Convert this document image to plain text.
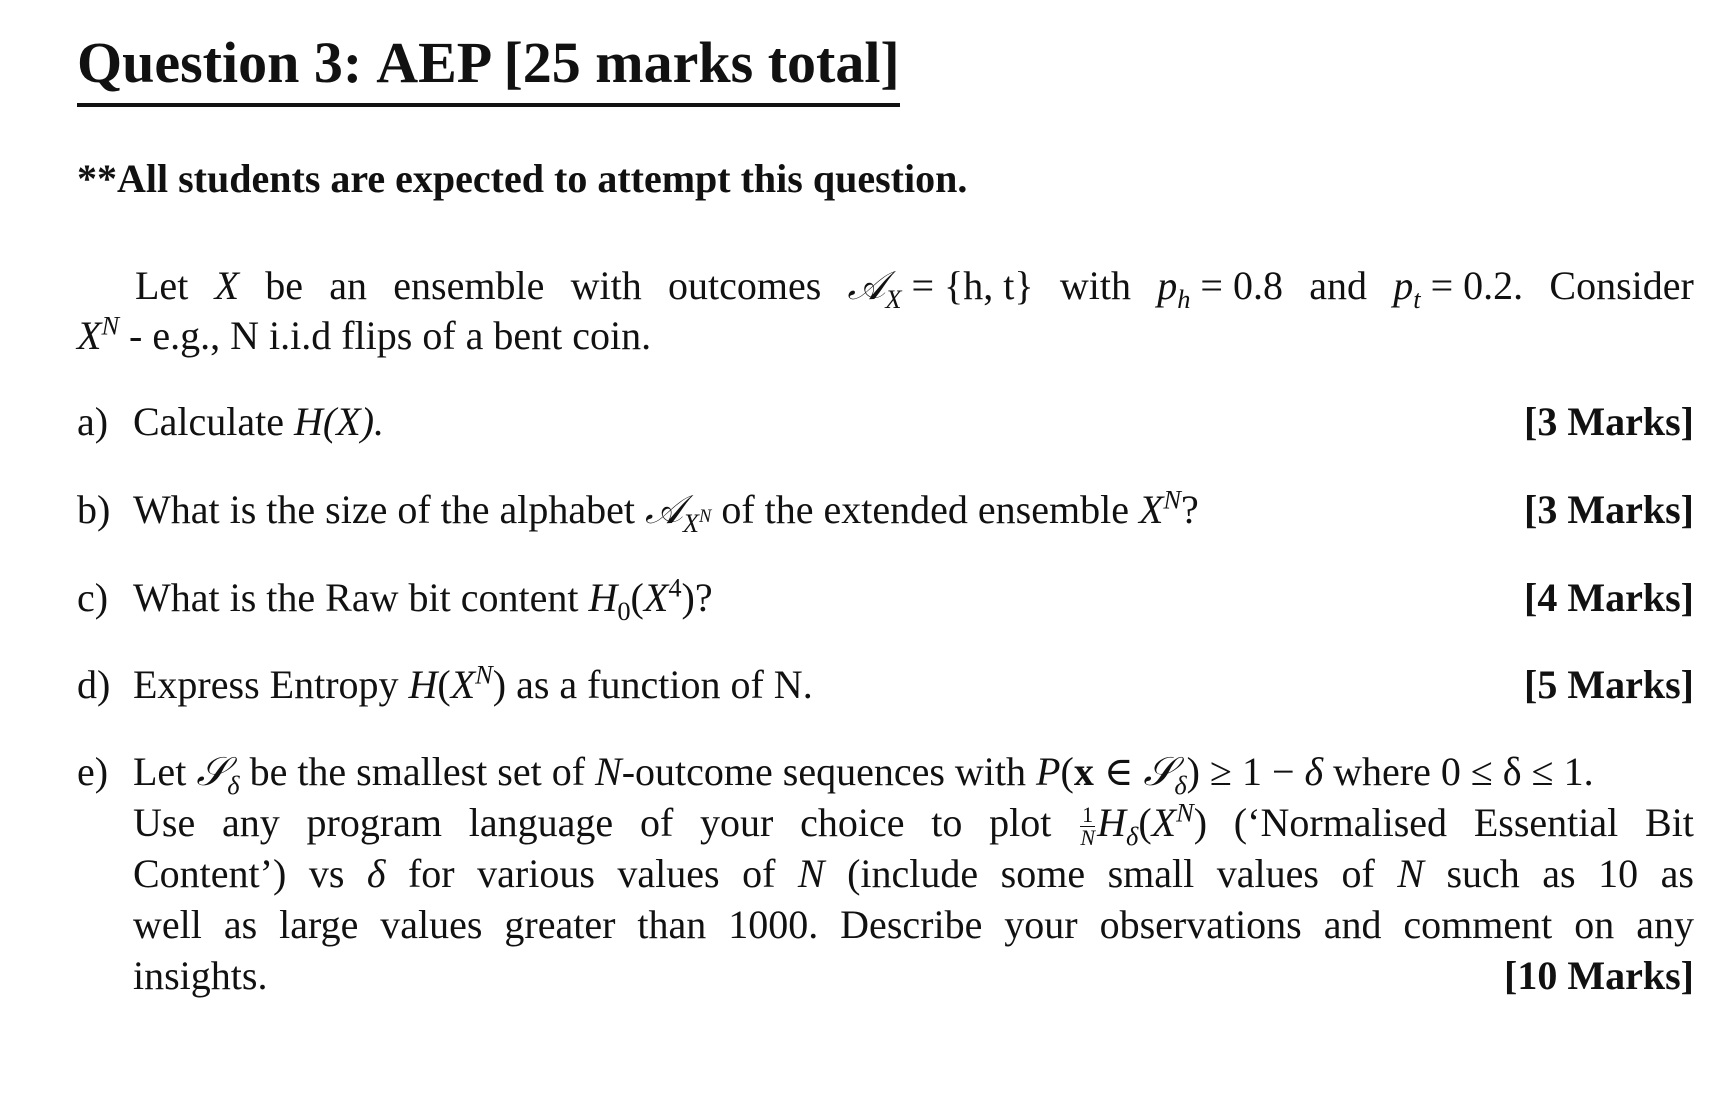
Question 3: AEP [25 marks total]
**All students are expected to attempt this question.
Let X be an ensemble with outcomes 𝒜$_X$ = {h, t} with $p_h = 0.8$ and $p_t = 0.2$. Consider
$X^N - e.g$., N i.i.d flips of a bent coin.
a) Calculate H(X).	[3 Marks]
b) What is the size of the alphabet 𝒜$_{X^N}$ of the extended ensemble $X^N$?	[3 Marks]
c) What is the Raw bit content $H_0(X^4)$?	[4 Marks]
d) Express Entropy $H(X^N)$ as a function of N.	[5 Marks]
e) Let 𝒮$_\delta$ be the smallest set of N-outcome sequences with P(x ∈ 𝒮$_\delta$) ≥ 1 − δ where 0 ≤ δ ≤ 1.
Use any program language of your choice to plot $\frac{1}{N} H_\delta(X^N)$ (‘Normalised Essential Bit
Content’) vs δ for various values of N (include some small values of N such as 10 as
well as large values greater than 1000. Describe your observations and comment on any
insights.	[10 Marks]
